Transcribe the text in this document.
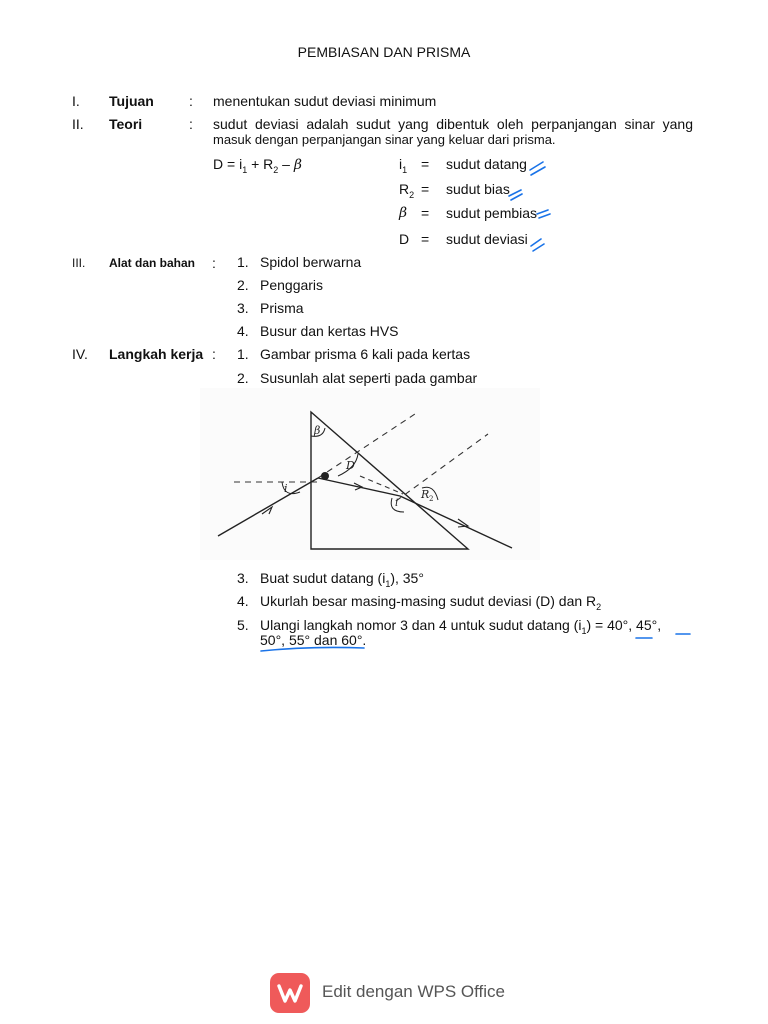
PEMBIASAN DAN PRISMA
I. Tujuan	: menentukan sudut deviasi minimum
II. Teori	: sudut deviasi adalah sudut yang dibentuk oleh perpanjangan sinar yang
masuk dengan perpanjangan sinar yang keluar dari prisma.
$D = i_1 + R_2 - \beta$	$i_1$ = sudut datang
$R_2$ = sudut bias
β = sudut pembias
D = sudut deviasi
III. Alat dan bahan : 1. Spidol berwarna
2. Penggaris
3. Prisma
4. Busur dan kertas HVS
IV. Langkah kerja : 1. Gambar prisma 6 kali pada kertas
2. Susunlah alat seperti pada gambar
β
D
i
i
R 2
3. Buat sudut datang $(i_1)$, 35°
4. Ukurlah besar masing-masing sudut deviasi (D) dan $R_2$
5. Ulangi langkah nomor 3 dan 4 untuk sudut datang $(i_1) = 40^\circ$, 45°,
50°, 55° dan 60°.
Edit dengan WPS Office
